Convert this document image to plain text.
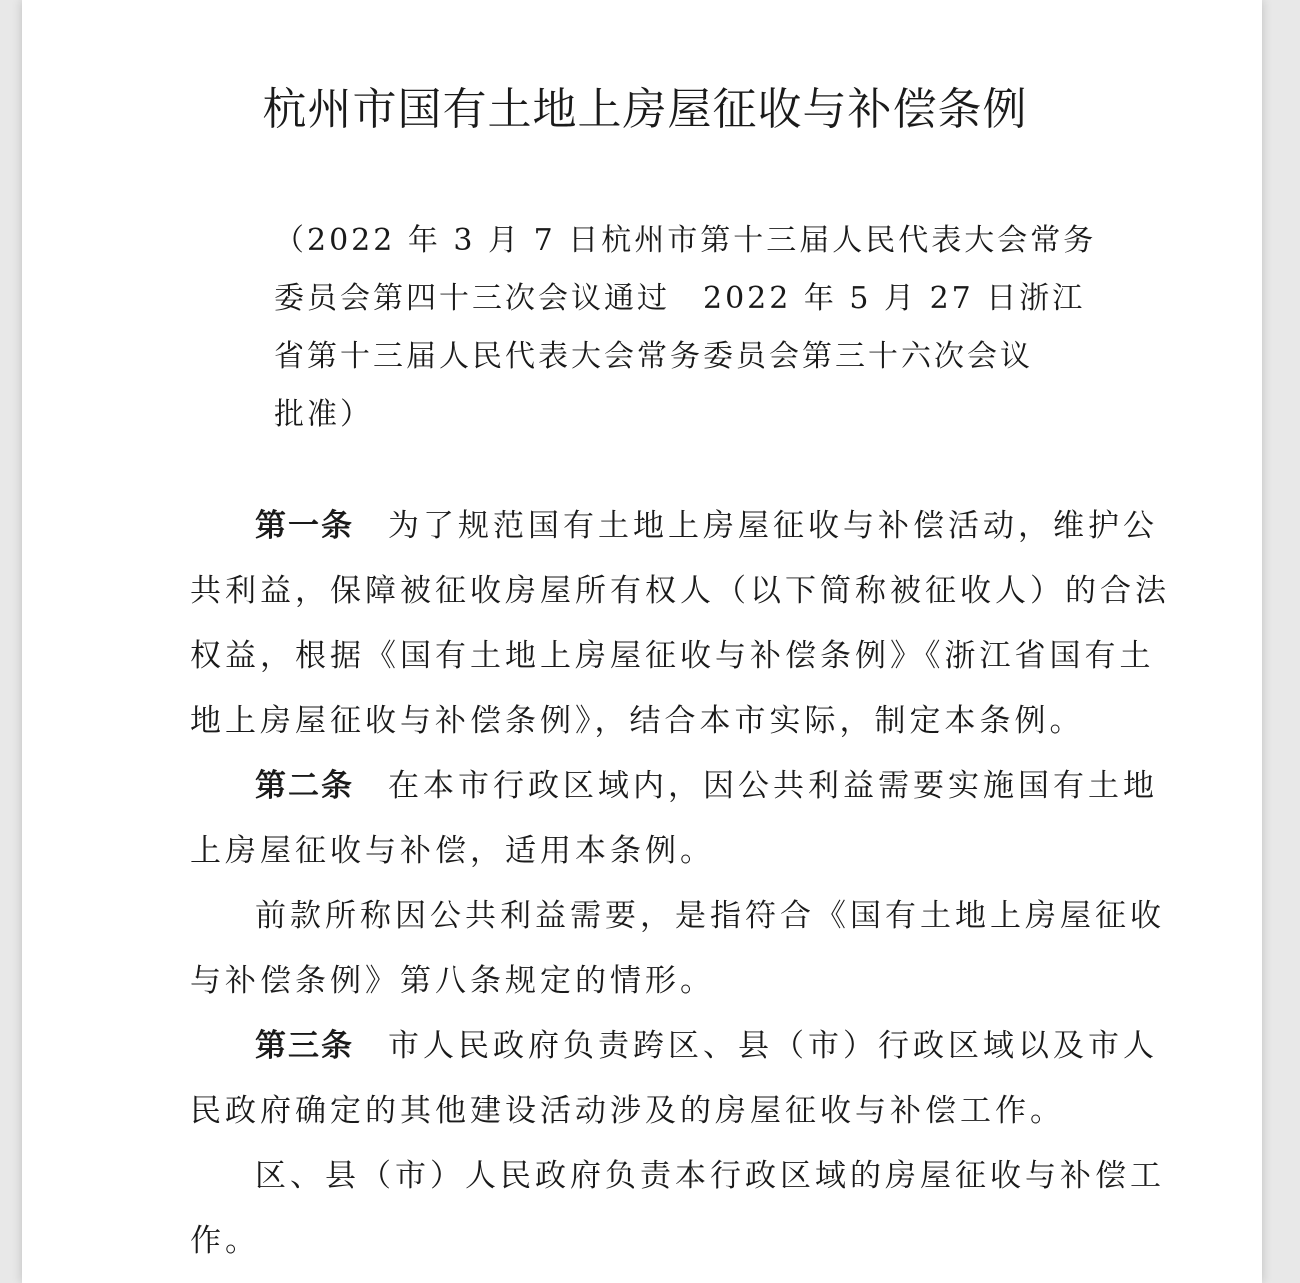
杭州市国有土地上房屋征收与补偿条例

（2022 年 3 月 7 日杭州市第十三届人民代表大会常务

委员会第四十三次会议通过　2022 年 5 月 27 日浙江

省第十三届人民代表大会常务委员会第三十六次会议

批准）

第一条 为了规范国有土地上房屋征收与补偿活动，维护公
共利益，保障被征收房屋所有权人（以下简称被征收人）的合法
权益，根据《国有土地上房屋征收与补偿条例》《浙江省国有土
地上房屋征收与补偿条例》，结合本市实际，制定本条例。
第二条 在本市行政区域内，因公共利益需要实施国有土地
上房屋征收与补偿，适用本条例。
前款所称因公共利益需要，是指符合《国有土地上房屋征收
与补偿条例》第八条规定的情形。
第三条 市人民政府负责跨区、县（市）行政区域以及市人
民政府确定的其他建设活动涉及的房屋征收与补偿工作。
区、县（市）人民政府负责本行政区域的房屋征收与补偿工
作。
